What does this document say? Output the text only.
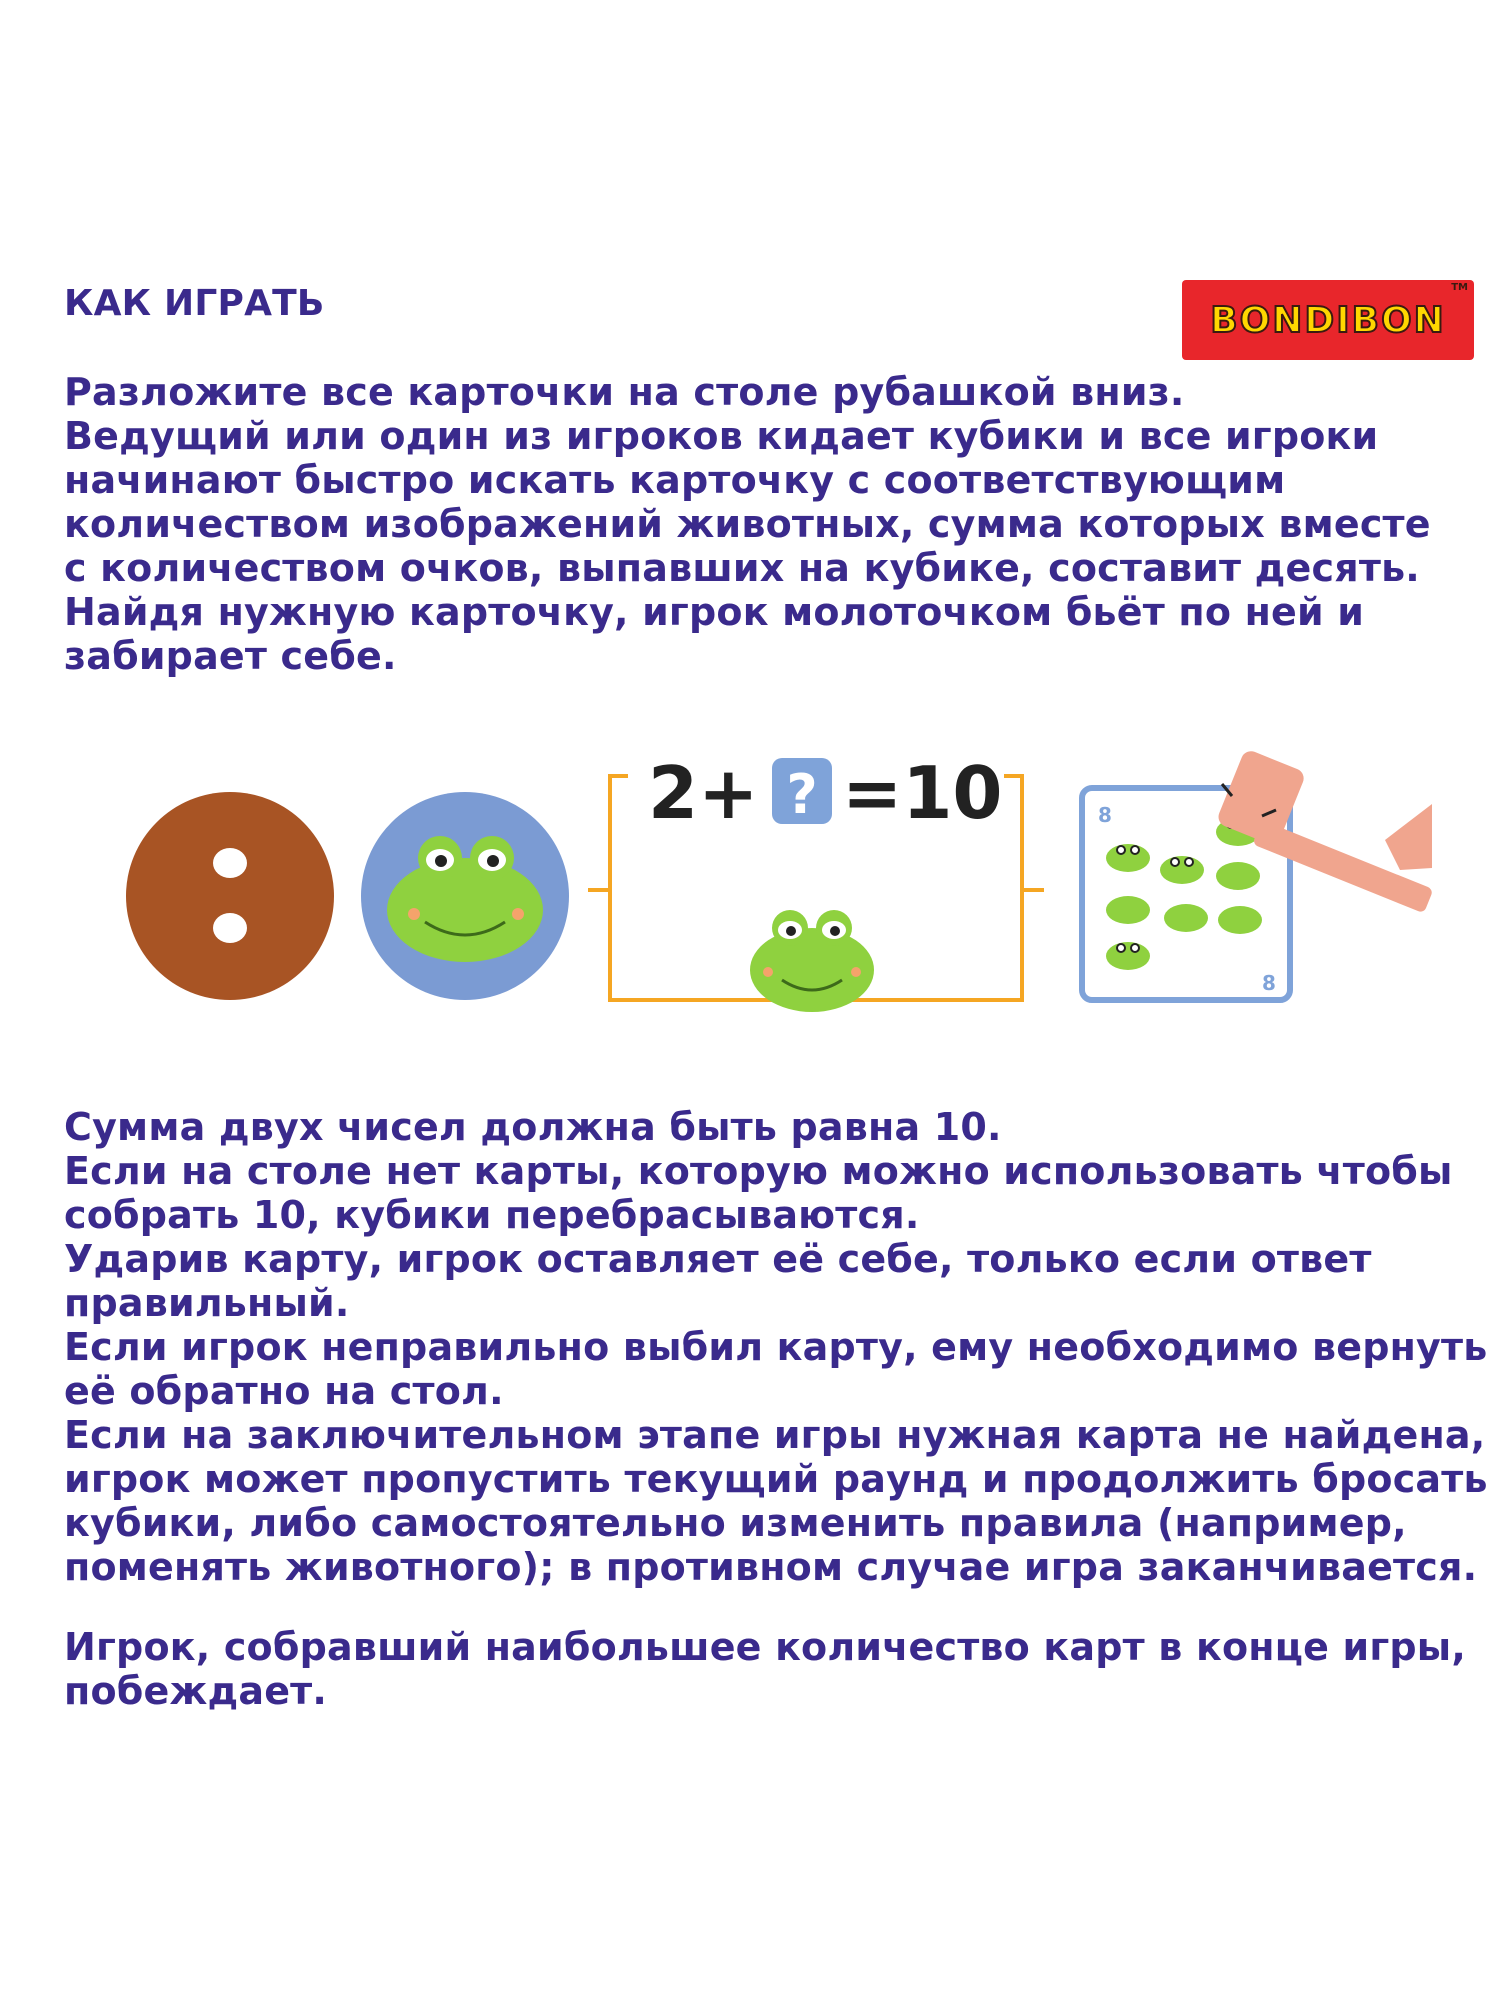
КАК ИГРАТЬ	BONDIBON
TM
Разложите все карточки на столе рубашкой вниз.
Ведущий или один из игроков кидает кубики и все игроки
начинают быстро искать карточку с соответствующим
количеством изображений животных, сумма которых вместе
с количеством очков, выпавших на кубике, составит десять.
Найдя нужную карточку, игрок молоточком бьёт по ней и
забирает себе.
2+ ? =10	8
8
Сумма двух чисел должна быть равна 10.
Если на столе нет карты, которую можно использовать чтобы
собрать 10, кубики перебрасываются.
Ударив карту, игрок оставляет её себе, только если ответ
правильный.
Если игрок неправильно выбил карту, ему необходимо вернуть
её обратно на стол.
Если на заключительном этапе игры нужная карта не найдена,
игрок может пропустить текущий раунд и продолжить бросать
кубики, либо самостоятельно изменить правила (например,
поменять животного); в противном случае игра заканчивается.
Игрок, собравший наибольшее количество карт в конце игры,
побеждает.
